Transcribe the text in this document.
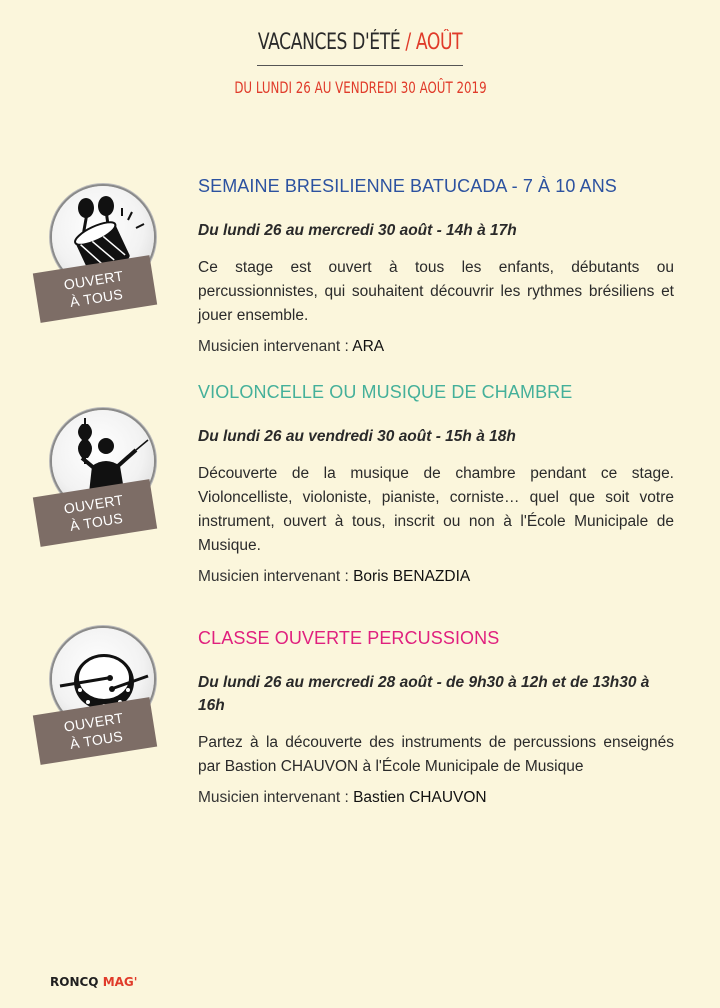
VACANCES D'ÉTÉ / AOÛT
DU LUNDI 26 AU VENDREDI 30 AOÛT 2019
OUVERT
À TOUS
SEMAINE BRESILIENNE BATUCADA - 7 À 10 ANS
Du lundi 26 au mercredi 30 août - 14h à 17h
Ce stage est ouvert à tous les enfants, débutants ou percussionnistes, qui souhaitent découvrir les rythmes brésiliens et jouer ensemble.
Musicien intervenant : ARA
OUVERT
À TOUS
VIOLONCELLE OU MUSIQUE DE CHAMBRE
Du lundi 26 au vendredi 30 août - 15h à 18h
Découverte de la musique de chambre pendant ce stage. Violoncelliste, violoniste, pianiste, corniste… quel que soit votre instrument, ouvert à tous, inscrit ou non à l'École Municipale de Musique.
Musicien intervenant : Boris BENAZDIA
OUVERT
À TOUS
CLASSE OUVERTE PERCUSSIONS
Du lundi 26 au mercredi 28 août - de 9h30 à 12h et de 13h30 à 16h
Partez à la découverte des instruments de percussions enseignés par Bastion CHAUVON à l'École Municipale de Musique
Musicien intervenant : Bastien CHAUVON
RONCQ MAG'
